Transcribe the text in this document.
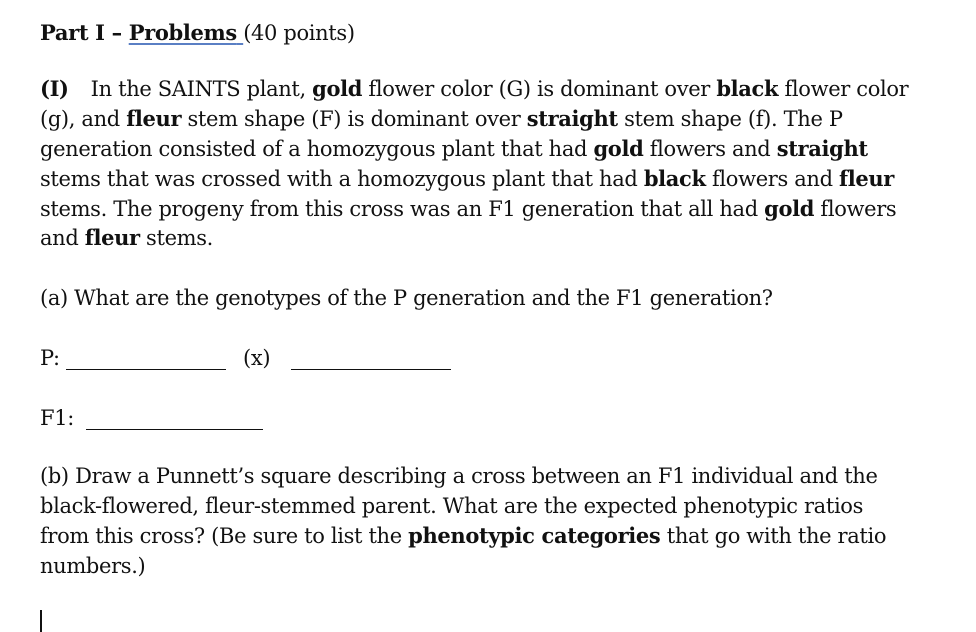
Part I – Problems (40 points)
(I) In the SAINTS plant, gold flower color (G) is dominant over black flower color
(g), and fleur stem shape (F) is dominant over straight stem shape (f). The P
generation consisted of a homozygous plant that had gold flowers and straight
stems that was crossed with a homozygous plant that had black flowers and fleur
stems. The progeny from this cross was an F1 generation that all had gold flowers
and fleur stems.
(a) What are the genotypes of the P generation and the F1 generation?
P:	(x)
F1:
(b) Draw a Punnett’s square describing a cross between an F1 individual and the
black-flowered, fleur-stemmed parent. What are the expected phenotypic ratios
from this cross? (Be sure to list the phenotypic categories that go with the ratio
numbers.)
